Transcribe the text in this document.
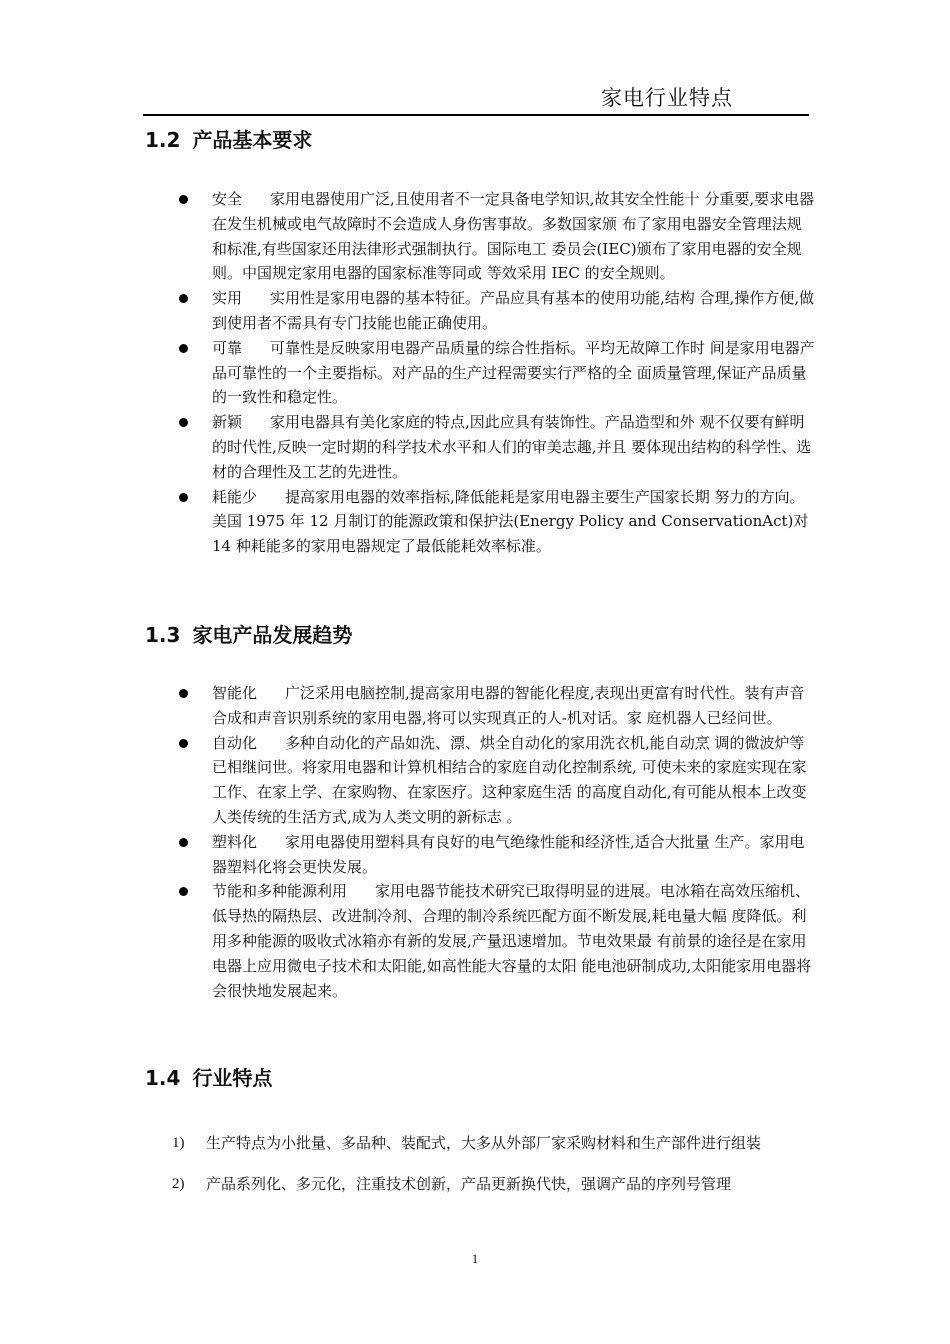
家电行业特点
1.2 产品基本要求
安全 家用电器使用广泛,且使用者不一定具备电学知识,故其安全性能十 分重要,要求电器在发生机械或电气故障时不会造成人身伤害事故。多数国家颁 布了家用电器安全管理法规和标准,有些国家还用法律形式强制执行。国际电工 委员会(IEC)颁布了家用电器的安全规则。中国规定家用电器的国家标准等同或 等效采用 IEC 的安全规则。
实用 实用性是家用电器的基本特征。产品应具有基本的使用功能,结构 合理,操作方便,做到使用者不需具有专门技能也能正确使用。
可靠 可靠性是反映家用电器产品质量的综合性指标。平均无故障工作时 间是家用电器产品可靠性的一个主要指标。对产品的生产过程需要实行严格的全 面质量管理,保证产品质量的一致性和稳定性。
新颖 家用电器具有美化家庭的特点,因此应具有装饰性。产品造型和外 观不仅要有鲜明的时代性,反映一定时期的科学技术水平和人们的审美志趣,并且 要体现出结构的科学性、选材的合理性及工艺的先进性。
耗能少 提高家用电器的效率指标,降低能耗是家用电器主要生产国家长期 努力的方向。美国 1975 年 12 月制订的能源政策和保护法(Energy Policy and ConservationAct)对 14 种耗能多的家用电器规定了最低能耗效率标准。
1.3 家电产品发展趋势
智能化 广泛采用电脑控制,提高家用电器的智能化程度,表现出更富有时代性。装有声音合成和声音识别系统的家用电器,将可以实现真正的人-机对话。家 庭机器人已经问世。
自动化 多种自动化的产品如洗、漂、烘全自动化的家用洗衣机,能自动烹 调的微波炉等已相继问世。将家用电器和计算机相结合的家庭自动化控制系统, 可使未来的家庭实现在家工作、在家上学、在家购物、在家医疗。这种家庭生活 的高度自动化,有可能从根本上改变人类传统的生活方式,成为人类文明的新标志 。
塑料化 家用电器使用塑料具有良好的电气绝缘性能和经济性,适合大批量 生产。家用电器塑料化将会更快发展。
节能和多种能源利用 家用电器节能技术研究已取得明显的进展。电冰箱在高效压缩机、 低导热的隔热层、改进制冷剂、合理的制冷系统匹配方面不断发展,耗电量大幅 度降低。利用多种能源的吸收式冰箱亦有新的发展,产量迅速增加。节电效果最 有前景的途径是在家用电器上应用微电子技术和太阳能,如高性能大容量的太阳 能电池研制成功,太阳能家用电器将会很快地发展起来。
1.4 行业特点
1) 生产特点为小批量、多品种、装配式，大多从外部厂家采购材料和生产部件进行组装
2) 产品系列化、多元化，注重技术创新，产品更新换代快，强调产品的序列号管理
1
